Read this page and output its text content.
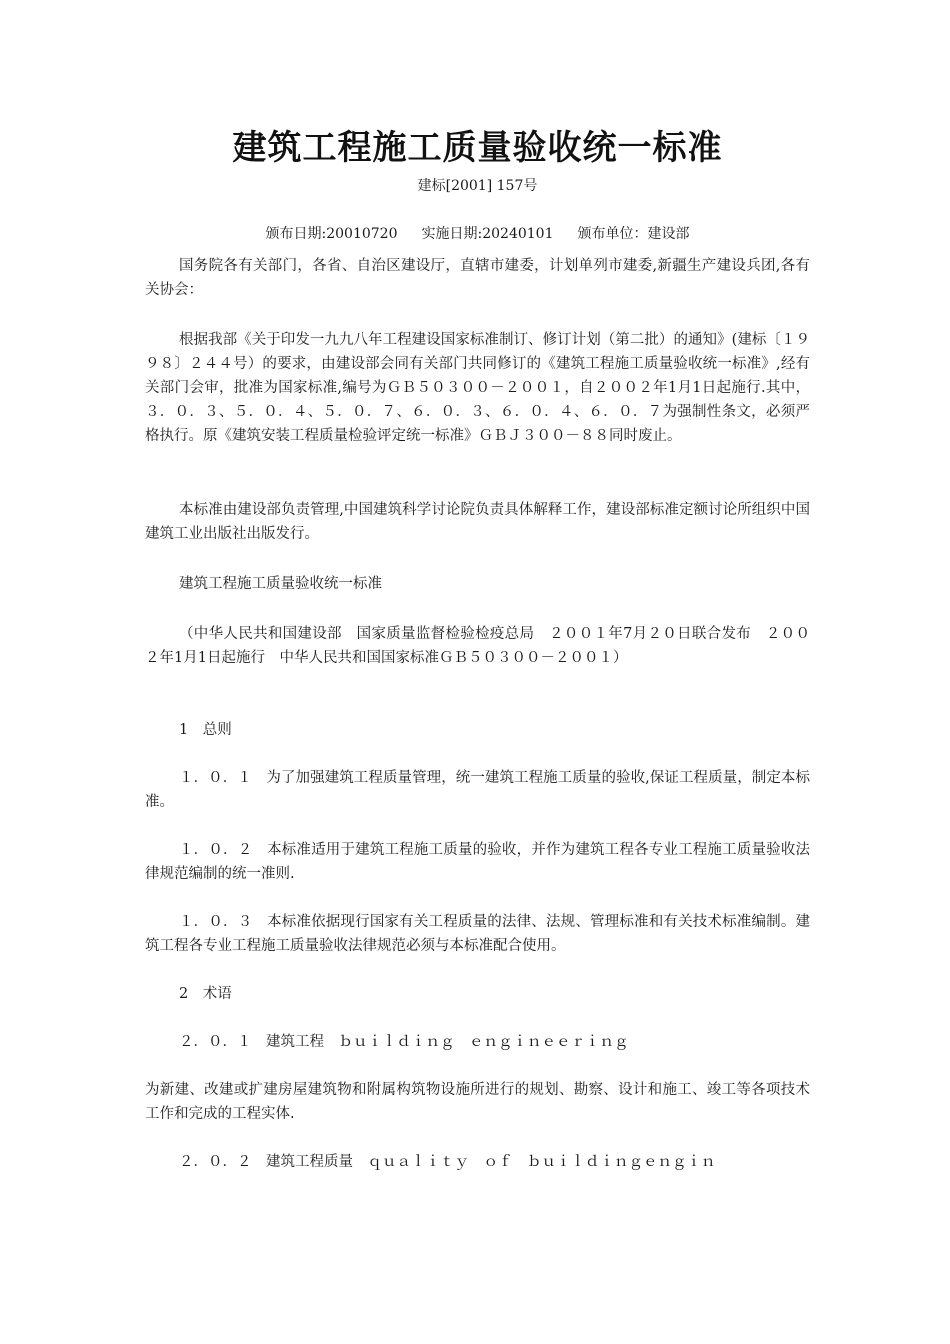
建筑工程施工质量验收统一标准
建标[2001] 157号
颁布日期:20010720 实施日期:20240101 颁布单位：建设部

国务院各有关部门，各省、自治区建设厅，直辖市建委，计划单列市建委,新疆生产建设兵团,各有关协会：

根据我部《关于印发一九九八年工程建设国家标准制订、修订计划（第二批）的通知》(建标〔１９９８〕２４４号）的要求，由建设部会同有关部门共同修订的《建筑工程施工质量验收统一标准》,经有关部门会审，批准为国家标准,编号为ＧＢ５０３００－２００１，自２００２年1月1日起施行.其中，３．０．３、５．０．４、５．０．７、６．０．３、６．０．４、６．０．７为强制性条文，必须严格执行。原《建筑安装工程质量检验评定统一标准》ＧＢＪ３００－８８同时废止。

本标准由建设部负责管理,中国建筑科学讨论院负责具体解释工作，建设部标准定额讨论所组织中国建筑工业出版社出版发行。

建筑工程施工质量验收统一标准

（中华人民共和国建设部　国家质量监督检验检疫总局　２００１年7月２０日联合发布　２００２年1月1日起施行　中华人民共和国国家标准ＧＢ５０３００－２００１）

1　总则

１．０．１　为了加强建筑工程质量管理，统一建筑工程施工质量的验收,保证工程质量，制定本标准。

１．０．２　本标准适用于建筑工程施工质量的验收，并作为建筑工程各专业工程施工质量验收法律规范编制的统一准则.

１．０．３　本标准依据现行国家有关工程质量的法律、法规、管理标准和有关技术标准编制。建筑工程各专业工程施工质量验收法律规范必须与本标准配合使用。

2　术语

２．０．１　建筑工程　ｂｕｉｌｄｉｎｇ　ｅｎｇｉｎｅｅｒｉｎｇ

为新建、改建或扩建房屋建筑物和附属构筑物设施所进行的规划、勘察、设计和施工、竣工等各项技术工作和完成的工程实体.

２．０．２　建筑工程质量　ｑｕａｌｉｔｙ　ｏｆ　ｂｕｉｌｄｉｎｇｅｎｇｉｎ
